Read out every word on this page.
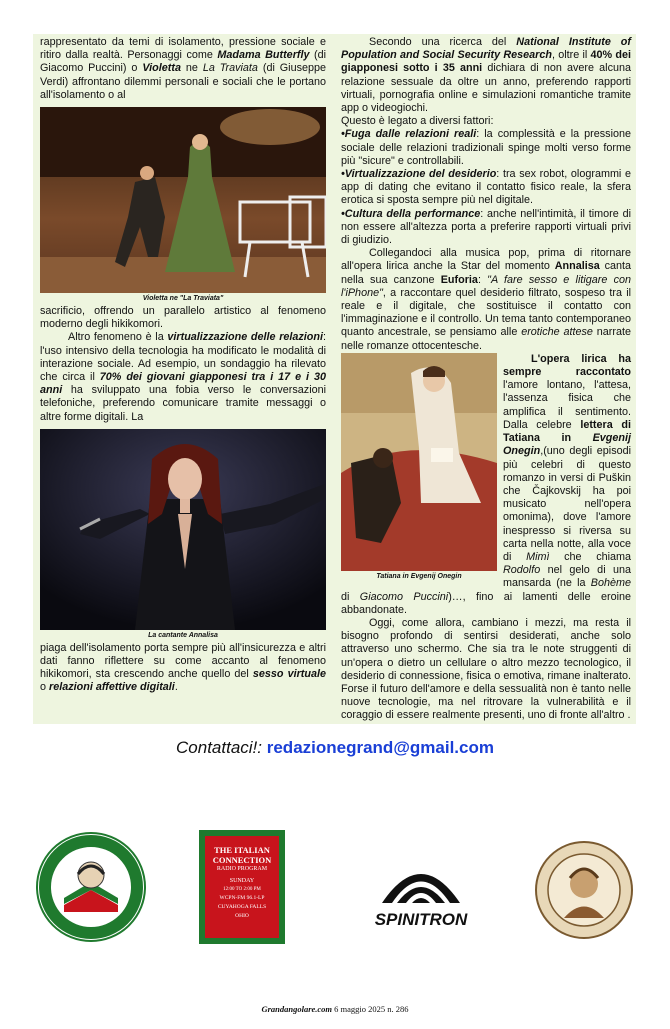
rappresentato da temi di isolamento, pressione sociale e ritiro dalla realtà. Personaggi come Madama Butterfly (di Giacomo Puccini) o Violetta ne La Traviata (di Giuseppe Verdi) affrontano dilemmi personali e sociali che le portano all'isolamento o al

Violetta ne "La Traviata"

sacrificio, offrendo un parallelo artistico al fenomeno moderno degli hikikomori.

Altro fenomeno è la virtualizzazione delle relazioni: l'uso intensivo della tecnologia ha modificato le modalità di interazione sociale. Ad esempio, un sondaggio ha rilevato che circa il 70% dei giovani giapponesi tra i 17 e i 30 anni ha sviluppato una fobia verso le conversazioni telefoniche, preferendo comunicare tramite messaggi o altre forme digitali. La

La cantante Annalisa

piaga dell'isolamento porta sempre più all'insicurezza e altri dati fanno riflettere su come accanto al fenomeno hikikomori, sta crescendo anche quello del sesso virtuale o relazioni affettive digitali.

Secondo una ricerca del National Institute of Population and Social Security Research, oltre il 40% dei giapponesi sotto i 35 anni dichiara di non avere alcuna relazione sessuale da oltre un anno, preferendo rapporti virtuali, pornografia online e simulazioni romantiche tramite app o videogiochi.

Questo è legato a diversi fattori:

•Fuga dalle relazioni reali: la complessità e la pressione sociale delle relazioni tradizionali spinge molti verso forme più "sicure" e controllabili.

•Virtualizzazione del desiderio: tra sex robot, ologrammi e app di dating che evitano il contatto fisico reale, la sfera erotica si sposta sempre più nel digitale.

•Cultura della performance: anche nell'intimità, il timore di non essere all'altezza porta a preferire rapporti virtuali privi di giudizio.

Collegandoci alla musica pop, prima di ritornare all'opera lirica anche la Star del momento Annalisa canta nella sua canzone Euforia: "A fare sesso e litigare con l'iPhone", a raccontare quel desiderio filtrato, sospeso tra il reale e il digitale, che sostituisce il contatto con l'immaginazione e il controllo. Un tema tanto contemporaneo quanto ancestrale, se pensiamo alle erotiche attese narrate nelle romanze ottocentesche.

Tatiana in Evgenij Onegin

L'opera lirica ha sempre raccontato l'amore lontano, l'attesa, l'assenza fisica che amplifica il sentimento. Dalla celebre lettera di Tatiana in Evgenij Onegin,(uno degli episodi più celebri di questo romanzo in versi di Puškin che Čajkovskij ha poi musicato nell'opera omonima), dove l'amore inespresso si riversa su carta nella notte, alla voce di Mimì che chiama Rodolfo nel gelo di una mansarda (ne la Bohème di Giacomo Puccini)…, fino ai lamenti delle eroine abbandonate.

Oggi, come allora, cambiano i mezzi, ma resta il bisogno profondo di sentirsi desiderati, anche solo attraverso uno schermo. Che sia tra le note struggenti di un'opera o dietro un cellulare o altro mezzo tecnologico, il desiderio di connessione, fisica o emotiva, rimane inalterato. Forse il futuro dell'amore e della sessualità non è tanto nelle nuove tecnologie, ma nel ritrovare la vulnerabilità e il coraggio di essere realmente presenti, uno di fronte all'altro .

Contattaci!: redazionegrand@gmail.com
THE ITALIAN
CONNECTION
RADIO PROGRAM
SUNDAY
12:00 TO 2:00 PM
WCPN-FM 96.1-LP
CUYAHOGA FALLS
OHIO	SPINITRON
Grandangolare.com 6 maggio 2025 n. 286
